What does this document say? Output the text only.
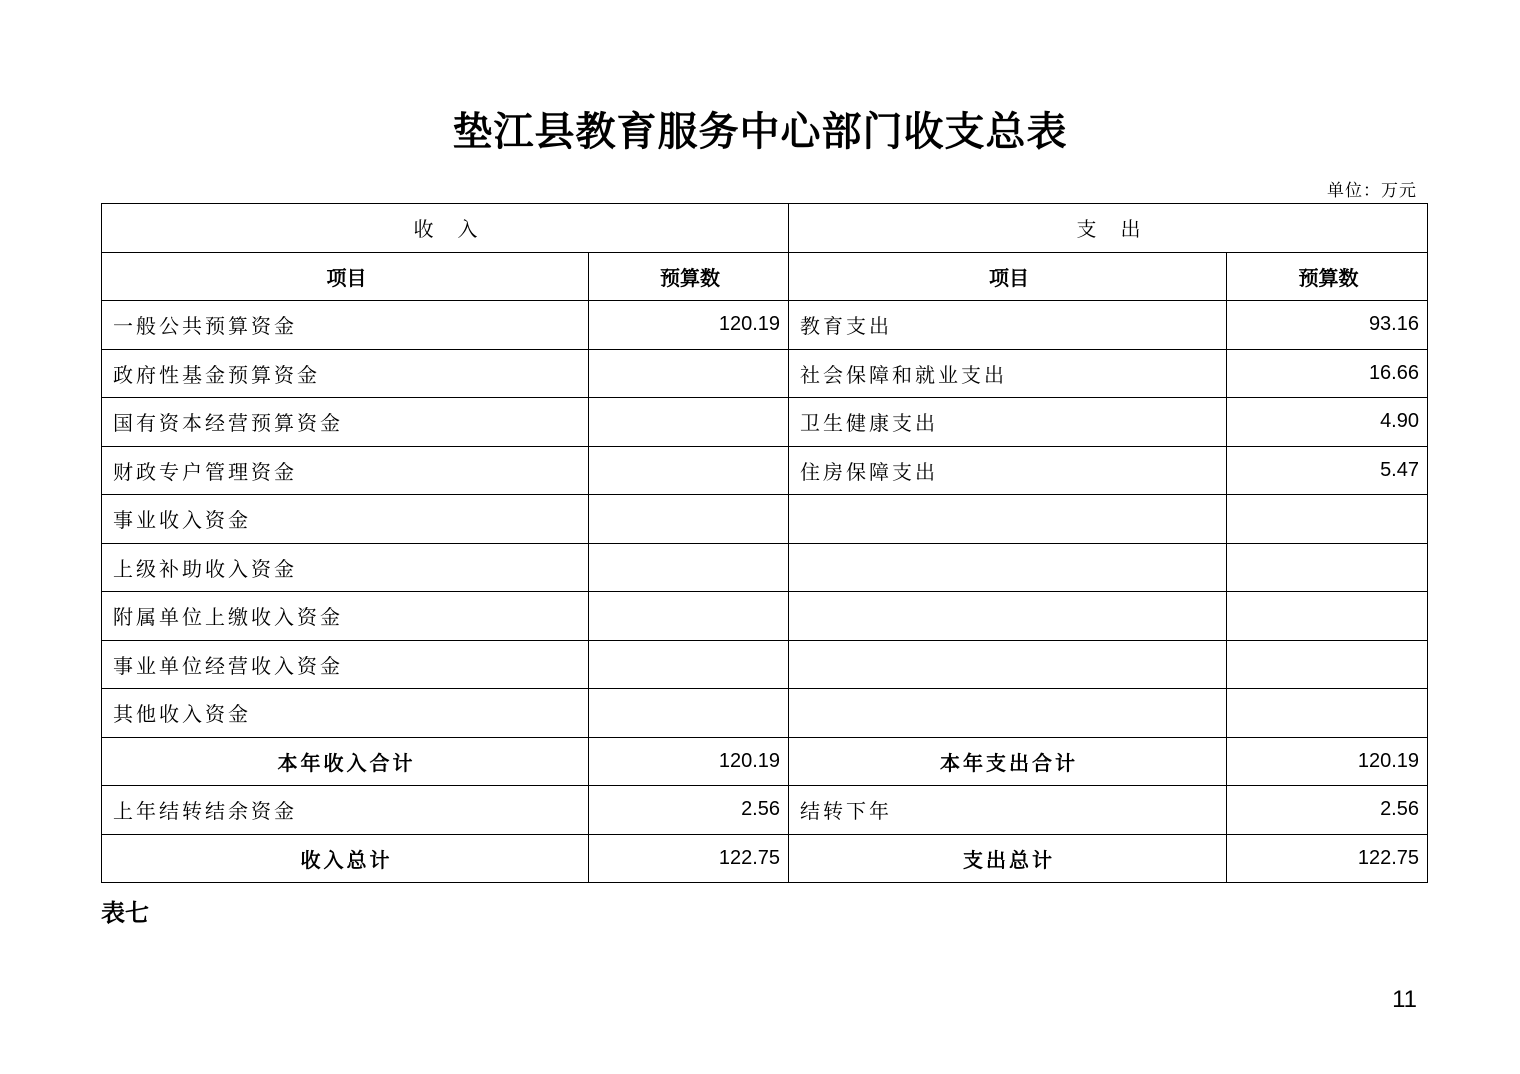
垫江县教育服务中心部门收支总表
单位：万元
收　入		支　出	
项目	预算数	项目	预算数
一般公共预算资金	120.19	教育支出	93.16
政府性基金预算资金		社会保障和就业支出	16.66
国有资本经营预算资金		卫生健康支出	4.90
财政专户管理资金		住房保障支出	5.47
事业收入资金			
上级补助收入资金			
附属单位上缴收入资金			
事业单位经营收入资金			
其他收入资金			
本年收入合计	120.19	本年支出合计	120.19
上年结转结余资金	2.56	结转下年	2.56
收入总计	122.75	支出总计	122.75
表七
11
